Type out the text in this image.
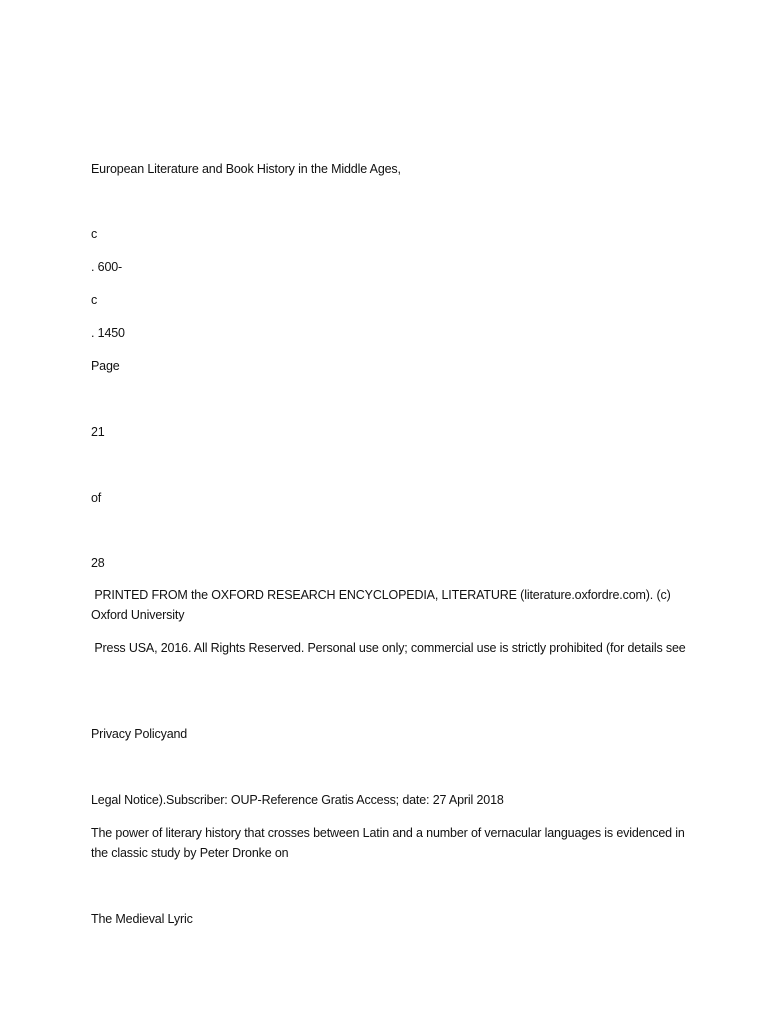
European Literature and Book History in the Middle Ages,
c
. 600-
c
. 1450
Page
21
of
28
PRINTED FROM the OXFORD RESEARCH ENCYCLOPEDIA, LITERATURE (literature.oxfordre.com). (c) Oxford University
Press USA, 2016. All Rights Reserved. Personal use only; commercial use is strictly prohibited (for details see
Privacy Policyand
Legal Notice).Subscriber: OUP-Reference Gratis Access; date: 27 April 2018
The power of literary history that crosses between Latin and a number of vernacular languages is evidenced in the classic study by Peter Dronke on
The Medieval Lyric
